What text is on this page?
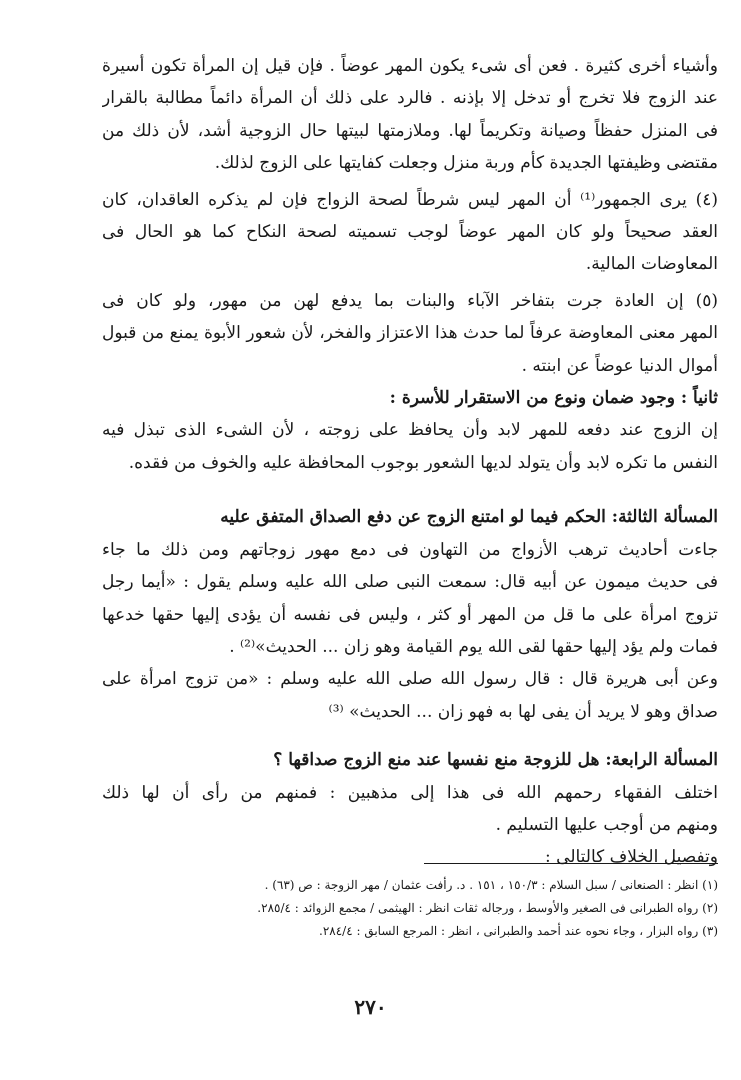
وأشياء أخرى كثيرة . فعن أى شىء يكون المهر عوضاً . فإن قيل إن المرأة تكون أسيرة
عند الزوج فلا تخرج أو تدخل إلا بإذنه . فالرد على ذلك أن المرأة دائماً مطالبة بالقرار
فى المنزل حفظاً وصيانة وتكريماً لها. وملازمتها لبيتها حال الزوجية أشد، لأن ذلك من
مقتضى وظيفتها الجديدة كأم وربة منزل وجعلت كفايتها على الزوج لذلك.
(٤) يرى الجمهور⁽¹⁾ أن المهر ليس شرطاً لصحة الزواج فإن لم يذكره العاقدان، كان
العقد صحيحاً ولو كان المهر عوضاً لوجب تسميته لصحة النكاح كما هو الحال فى
المعاوضات المالية.
(٥) إن العادة جرت بتفاخر الآباء والبنات بما يدفع لهن من مهور، ولو كان فى
المهر معنى المعاوضة عرفاً لما حدث هذا الاعتزاز والفخر، لأن شعور الأبوة يمنع من قبول
أموال الدنيا عوضاً عن ابنته .
ثانياً : وجود ضمان ونوع من الاستقرار للأسرة :
إن الزوج عند دفعه للمهر لابد وأن يحافظ على زوجته ، لأن الشىء الذى تبذل فيه
النفس ما تكره لابد وأن يتولد لديها الشعور بوجوب المحافظة عليه والخوف من فقده.
المسألة الثالثة: الحكم فيما لو امتنع الزوج عن دفع الصداق المتفق عليه
جاءت أحاديث ترهب الأزواج من التهاون فى دمع مهور زوجاتهم ومن ذلك ما جاء
فى حديث ميمون عن أبيه قال: سمعت النبى صلى الله عليه وسلم يقول : «أيما رجل
تزوج امرأة على ما قل من المهر أو كثر ، وليس فى نفسه أن يؤدى إليها حقها خدعها
فمات ولم يؤد إليها حقها لقى الله يوم القيامة وهو زان ... الحديث»⁽²⁾ .
وعن أبى هريرة قال : قال رسول الله صلى الله عليه وسلم : «من تزوج امرأة على
صداق وهو لا يريد أن يفى لها به فهو زان ... الحديث» ⁽³⁾
المسألة الرابعة: هل للزوجة منع نفسها عند منع الزوج صداقها ؟
اختلف الفقهاء رحمهم الله فى هذا إلى مذهبين : فمنهم من رأى أن لها ذلك
ومنهم من أوجب عليها التسليم .
وتفصيل الخلاف كالتالى :
(١) انظر : الصنعانى / سبل السلام : ١٥٠/٣ ، ١٥١ . د. رأفت عثمان / مهر الزوجة : ص (٦٣) .
(٢) رواه الطبرانى فى الصغير والأوسط ، ورجاله ثقات انظر : الهيثمى / مجمع الزوائد : ٢٨٥/٤.
(٣) رواه البزار ، وجاء نحوه عند أحمد والطبرانى ، انظر : المرجع السابق : ٢٨٤/٤.
٢٧٠
